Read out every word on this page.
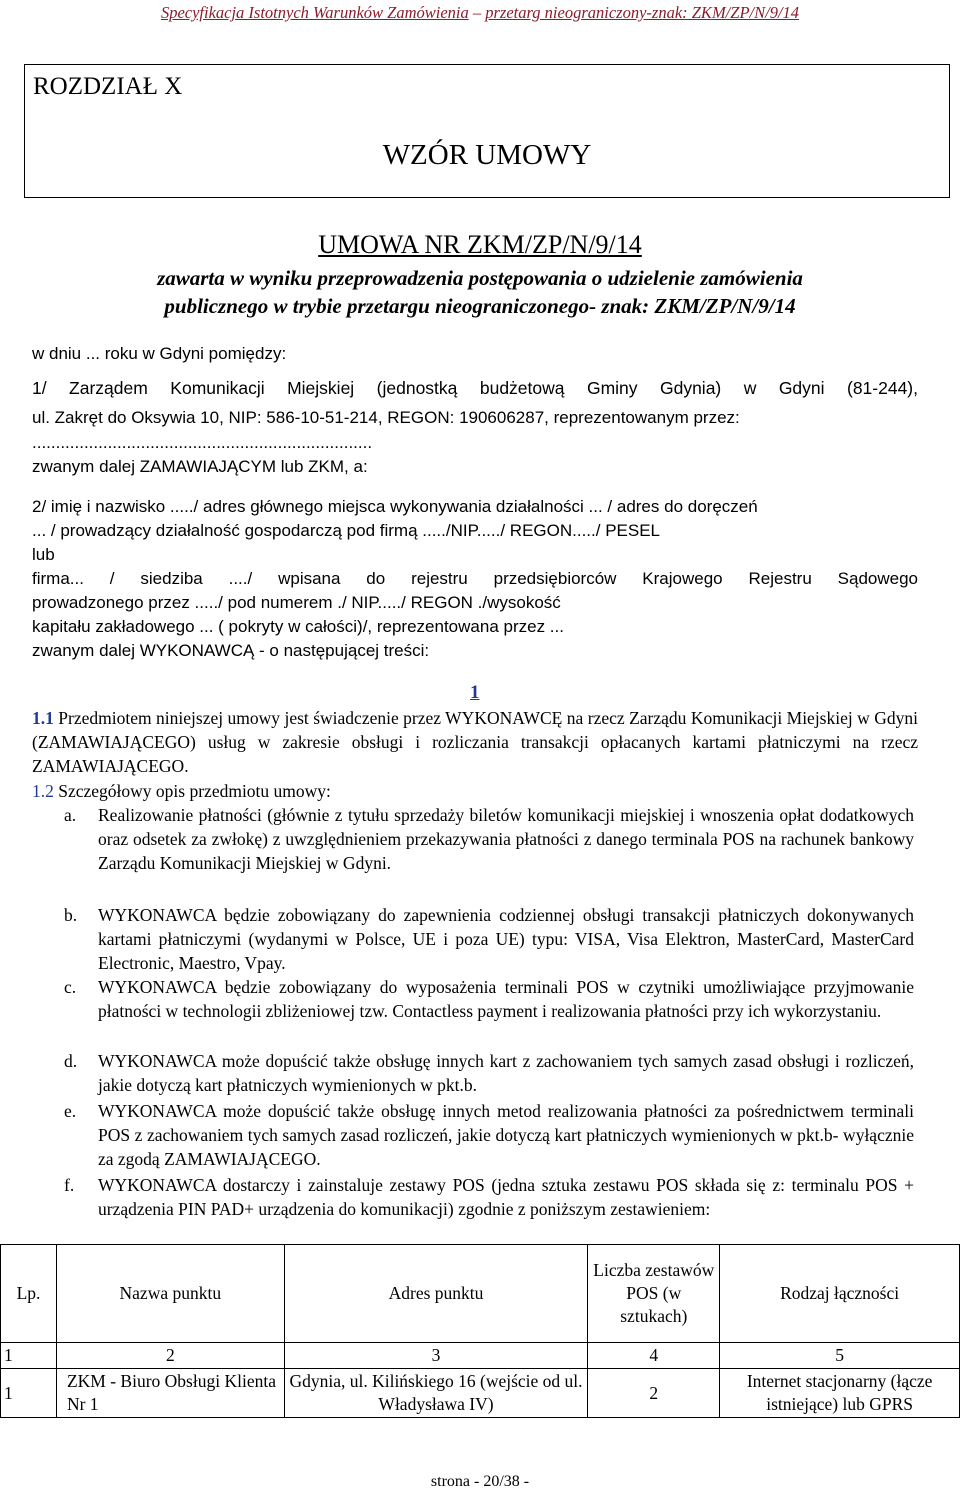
Specyfikacja Istotnych Warunków Zamówienia – przetarg nieograniczony-znak: ZKM/ZP/N/9/14
ROZDZIAŁ X
WZÓR UMOWY
UMOWA NR ZKM/ZP/N/9/14
zawarta w wyniku przeprowadzenia postępowania o udzielenie zamówienia
publicznego w trybie przetargu nieograniczonego- znak: ZKM/ZP/N/9/14
w dniu ... roku w Gdyni pomiędzy:
1/ Zarządem Komunikacji Miejskiej (jednostką budżetową Gminy Gdynia) w Gdyni (81-244),
ul. Zakręt do Oksywia 10, NIP: 586-10-51-214, REGON: 190606287, reprezentowanym przez:
........................................................................
zwanym dalej ZAMAWIAJĄCYM lub ZKM, a:
2/ imię i nazwisko ...../ adres głównego miejsca wykonywania działalności ... / adres do doręczeń
... / prowadzący działalność gospodarczą pod firmą ...../NIP...../ REGON...../ PESEL
lub
firma... / siedziba ..../ wpisana do rejestru przedsiębiorców Krajowego Rejestru Sądowego
prowadzonego przez ...../ pod numerem ./ NIP...../ REGON ./wysokość
kapitału zakładowego ... ( pokryty w całości)/, reprezentowana przez ...
zwanym dalej WYKONAWCĄ - o następującej treści:
1
1.1 Przedmiotem niniejszej umowy jest świadczenie przez WYKONAWCĘ na rzecz Zarządu Komunikacji Miejskiej w Gdyni (ZAMAWIAJĄCEGO) usług w zakresie obsługi i rozliczania transakcji opłacanych kartami płatniczymi na rzecz ZAMAWIAJĄCEGO.
1.2 Szczegółowy opis przedmiotu umowy:
a. Realizowanie płatności (głównie z tytułu sprzedaży biletów komunikacji miejskiej i wnoszenia opłat dodatkowych oraz odsetek za zwłokę) z uwzględnieniem przekazywania płatności z danego terminala POS na rachunek bankowy Zarządu Komunikacji Miejskiej w Gdyni.
b. WYKONAWCA będzie zobowiązany do zapewnienia codziennej obsługi transakcji płatniczych dokonywanych kartami płatniczymi (wydanymi w Polsce, UE i poza UE) typu: VISA, Visa Elektron, MasterCard, MasterCard Electronic, Maestro, Vpay.
c. WYKONAWCA będzie zobowiązany do wyposażenia terminali POS w czytniki umożliwiające przyjmowanie płatności w technologii zbliżeniowej tzw. Contactless payment i realizowania płatności przy ich wykorzystaniu.
d. WYKONAWCA może dopuścić także obsługę innych kart z zachowaniem tych samych zasad obsługi i rozliczeń, jakie dotyczą kart płatniczych wymienionych w pkt.b.
e. WYKONAWCA może dopuścić także obsługę innych metod realizowania płatności za pośrednictwem terminali POS z zachowaniem tych samych zasad rozliczeń, jakie dotyczą kart płatniczych wymienionych w pkt.b- wyłącznie za zgodą ZAMAWIAJĄCEGO.
f. WYKONAWCA dostarczy i zainstaluje zestawy POS (jedna sztuka zestawu POS składa się z: terminalu POS + urządzenia PIN PAD+ urządzenia do komunikacji) zgodnie z poniższym zestawieniem:
Lp.	Nazwa punktu	Adres punktu	Liczba zestawów POS (w sztukach)	Rodzaj łączności
1	2	3	4	5
1	ZKM - Biuro Obsługi Klienta Nr 1	Gdynia, ul. Kilińskiego 16 (wejście od ul. Władysława IV)	2	Internet stacjonarny (łącze istniejące) lub GPRS
strona - 20/38 -
